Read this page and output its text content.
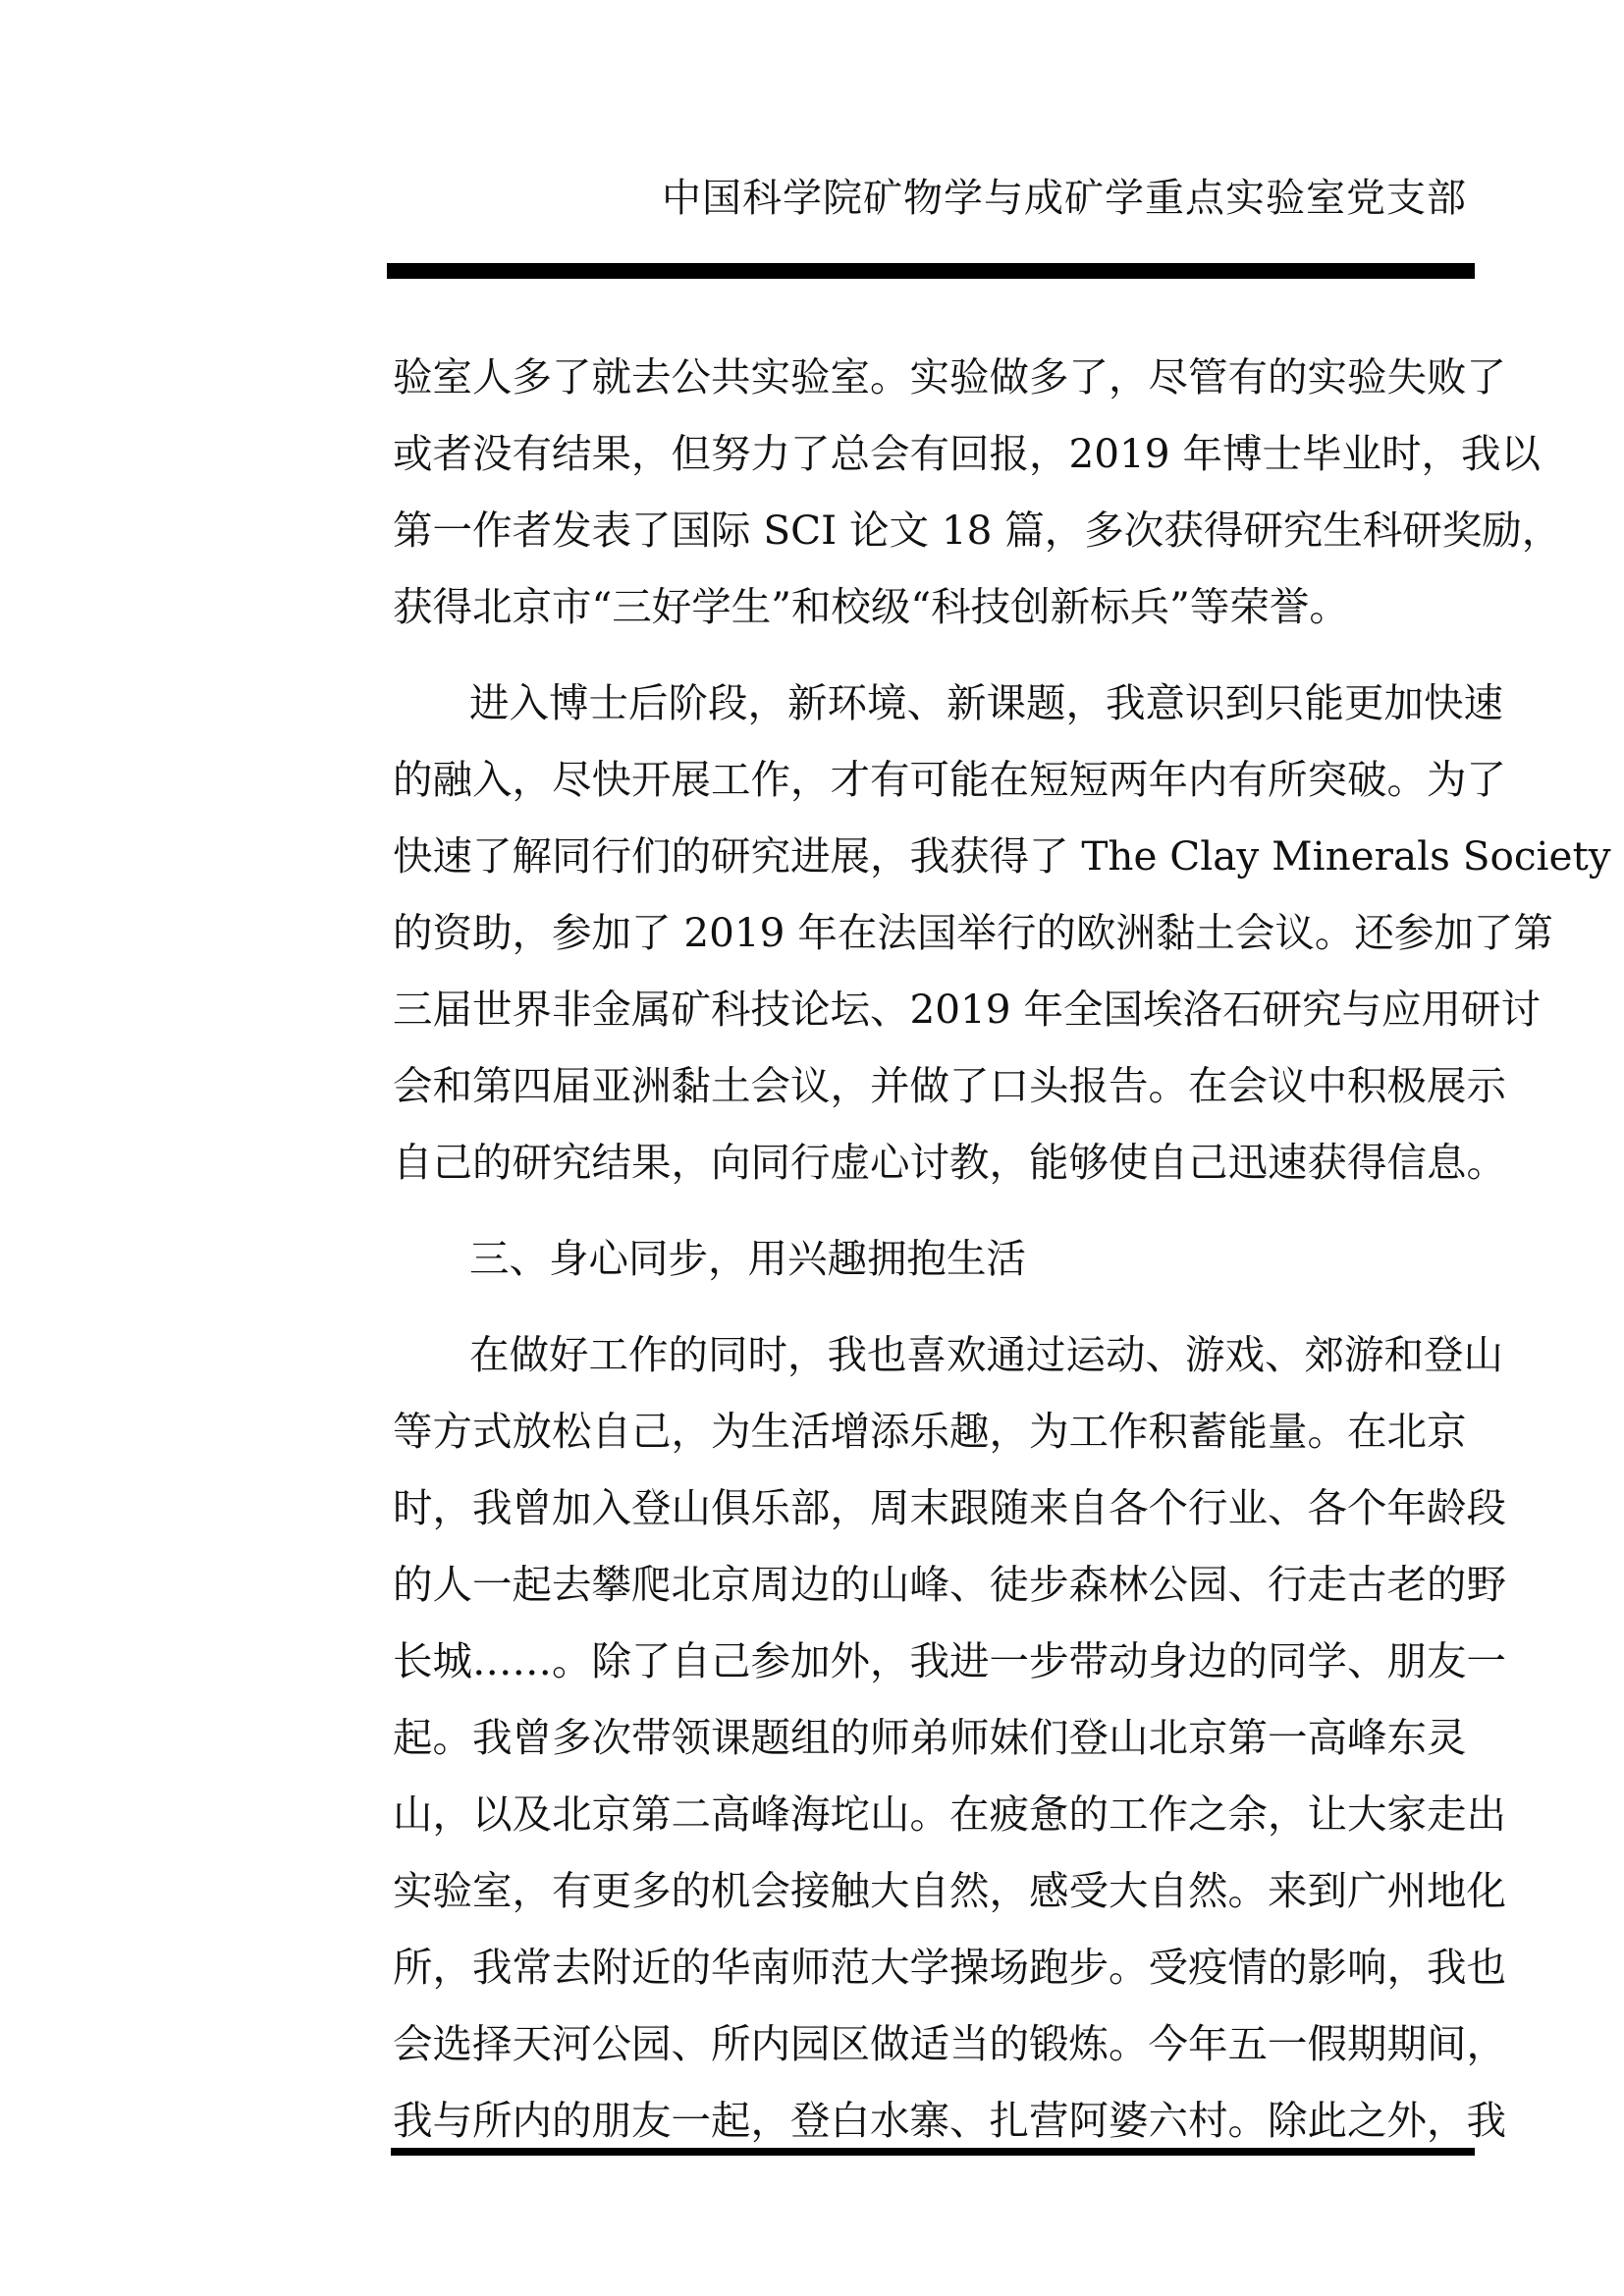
中国科学院矿物学与成矿学重点实验室党支部
验室人多了就去公共实验室。实验做多了，尽管有的实验失败了
或者没有结果，但努力了总会有回报，2019 年博士毕业时，我以
第一作者发表了国际 SCI 论文 18 篇，多次获得研究生科研奖励，
获得北京市“三好学生”和校级“科技创新标兵”等荣誉。
进入博士后阶段，新环境、新课题，我意识到只能更加快速
的融入，尽快开展工作，才有可能在短短两年内有所突破。为了
快速了解同行们的研究进展，我获得了 The Clay Minerals Society
的资助，参加了 2019 年在法国举行的欧洲黏土会议。还参加了第
三届世界非金属矿科技论坛、2019 年全国埃洛石研究与应用研讨
会和第四届亚洲黏土会议，并做了口头报告。在会议中积极展示
自己的研究结果，向同行虚心讨教，能够使自己迅速获得信息。
三、身心同步，用兴趣拥抱生活
在做好工作的同时，我也喜欢通过运动、游戏、郊游和登山
等方式放松自己，为生活增添乐趣，为工作积蓄能量。在北京
时，我曾加入登山俱乐部，周末跟随来自各个行业、各个年龄段
的人一起去攀爬北京周边的山峰、徒步森林公园、行走古老的野
长城……。除了自己参加外，我进一步带动身边的同学、朋友一
起。我曾多次带领课题组的师弟师妹们登山北京第一高峰东灵
山，以及北京第二高峰海坨山。在疲惫的工作之余，让大家走出
实验室，有更多的机会接触大自然，感受大自然。来到广州地化
所，我常去附近的华南师范大学操场跑步。受疫情的影响，我也
会选择天河公园、所内园区做适当的锻炼。今年五一假期期间，
我与所内的朋友一起，登白水寨、扎营阿婆六村。除此之外，我
